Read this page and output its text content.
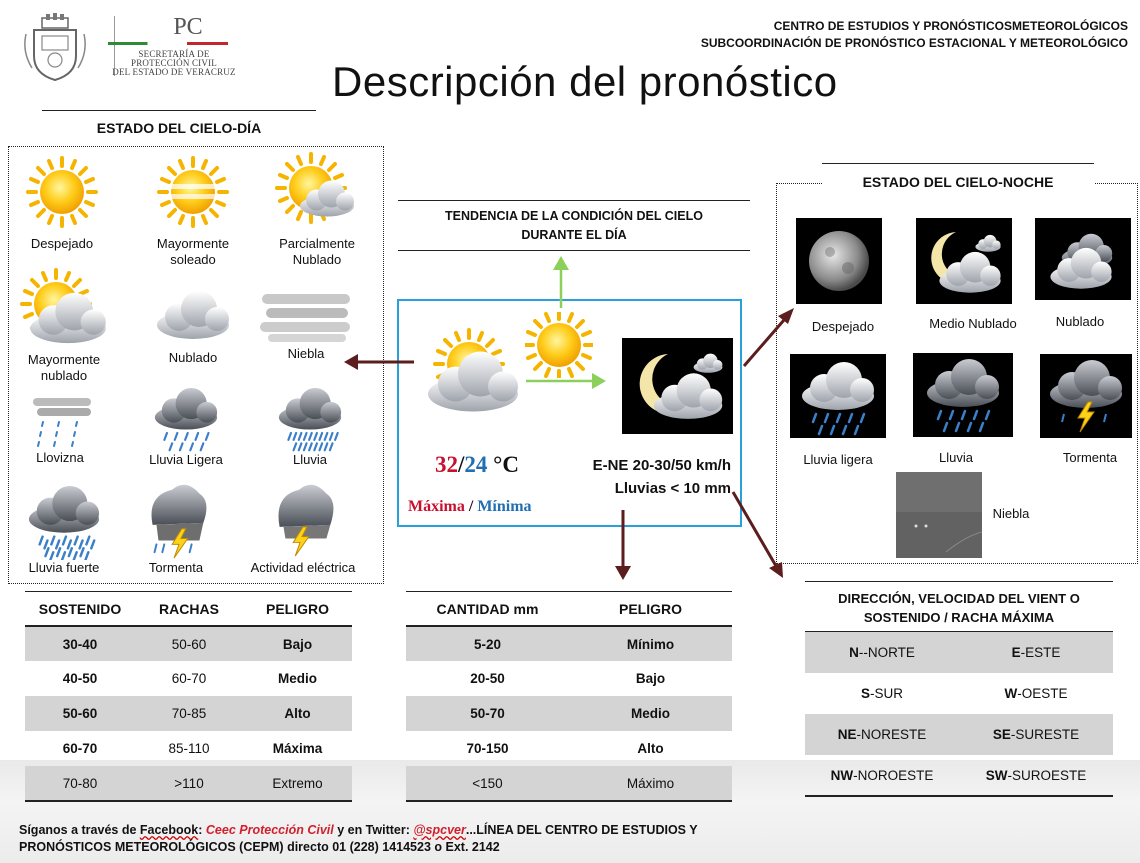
PC
SECRETARÍA DE
PROTECCIÓN CIVIL
DEL ESTADO DE VERACRUZ
CENTRO DE ESTUDIOS Y PRONÓSTICOSMETEOROLÓGICOS
SUBCOORDINACIÓN DE PRONÓSTICO ESTACIONAL Y METEOROLÓGICO
Descripción del pronóstico
ESTADO DEL CIELO-DÍA
Despejado	Mayormente soleado
Parcialmente Nublado
Mayormente nublado
Nublado	Niebla
Llovizna	Lluvia Ligera	Lluvia
Lluvia fuerte	Tormenta	Actividad eléctrica
TENDENCIA DE LA CONDICIÓN DEL CIELO
DURANTE EL DÍA
32/24 °C
Máxima / Mínima
E-NE 20-30/50 km/h
Lluvias < 10 mm
ESTADO DEL CIELO-NOCHE
Despejado	Medio Nublado	Nublado
Lluvia ligera	Lluvia	Tormenta
Niebla
SOSTENIDO	RACHAS	PELIGRO
30-40	50-60	Bajo
40-50	60-70	Medio
50-60	70-85	Alto
60-70	85-110	Máxima
70-80	>110	Extremo
CANTIDAD mm	PELIGRO
5-20	Mínimo
20-50	Bajo
50-70	Medio
70-150	Alto
<150	Máximo
DIRECCIÓN, VELOCIDAD DEL VIENT O
SOSTENIDO / RACHA MÁXIMA
N--NORTE	E-ESTE
S-SUR	W-OESTE
NE-NORESTE	SE-SURESTE
NW-NOROESTE	SW-SUROESTE
Síganos a través de Facebook: Ceec Protección Civil y en Twitter: @spcver...LÍNEA DEL CENTRO DE ESTUDIOS Y
PRONÓSTICOS METEOROLÓGICOS (CEPM) directo 01 (228) 1414523 o Ext. 2142
